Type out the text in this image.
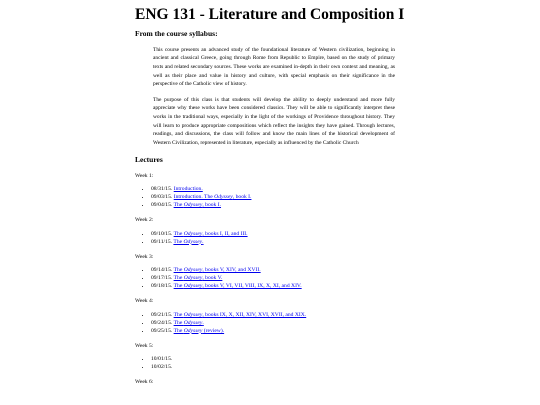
ENG 131 - Literature and Composition I
From the course syllabus:

This course presents an advanced study of the foundational literature of Western civilization, beginning in ancient and classical Greece, going through Rome from Republic to Empire, based on the study of primary texts and related secondary sources. These works are examined in-depth in their own context and meaning, as well as their place and value in history and culture, with special emphasis on their significance in the perspective of the Catholic view of history.

The purpose of this class is that students will develop the ability to deeply understand and more fully appreciate why these works have been considered classics. They will be able to significantly interpret these works in the traditional ways, especially in the light of the workings of Providence throughout history. They will learn to produce appropriate compositions which reflect the insights they have gained. Through lectures, readings, and discussions, the class will follow and know the main lines of the historical development of Western Civilization, represented in literature, especially as influenced by the Catholic Church

Lectures
Week 1:
• 08/31/15. Introduction.
• 09/03/15. Introduction. The Odyssey, book I.
• 09/04/15. The Odyssey, book I.
Week 2:
• 09/10/15. The Odyssey, books I, II, and III.
• 09/11/15. The Odyssey.
Week 3:
• 09/14/15. The Odyssey, books V, XIV, and XVII.
• 09/17/15. The Odyssey, book V.
• 09/18/15. The Odyssey, books V, VI, VII, VIII, IX, X, XI, and XIV.
Week 4:
• 09/21/15. The Odyssey, books IX, X, XII, XIV, XVI, XVII, and XIX.
• 09/24/15. The Odyssey.
• 09/25/15. The Odyssey (review).
Week 5:
• 10/01/15.
• 10/02/15.
Week 6:
